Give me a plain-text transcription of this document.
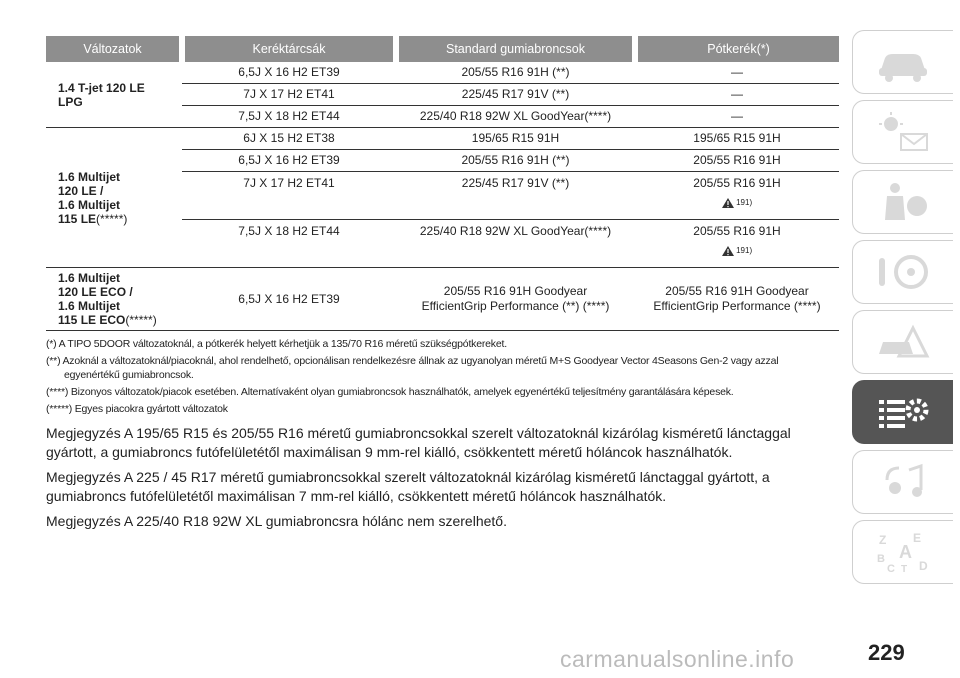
Változatok	Keréktárcsák	Standard gumiabroncsok	Pótkerék(*)
1.4 T-jet 120 LE
LPG	6,5J X 16 H2 ET39	205/55 R16 91H (**)	—
	7J X 17 H2 ET41	225/45 R17 91V (**)	—
	7,5J X 18 H2 ET44	225/40 R18 92W XL GoodYear(****)	—
1.6 Multijet
120 LE /
1.6 Multijet
115 LE(*****)	6J X 15 H2 ET38	195/65 R15 91H	195/65 R15 91H
	6,5J X 16 H2 ET39	205/55 R16 91H (**)	205/55 R16 91H
	7J X 17 H2 ET41	225/45 R17 91V (**)	205/55 R16 91H
191)

	7,5J X 18 H2 ET44	225/40 R18 92W XL GoodYear(****)	205/55 R16 91H
191)

1.6 Multijet
120 LE ECO /
1.6 Multijet
115 LE ECO(*****)	6,5J X 16 H2 ET39	205/55 R16 91H Goodyear
EfficientGrip Performance (**) (****)	205/55 R16 91H Goodyear
EfficientGrip Performance (****)

(*) A TIPO 5DOOR változatoknál, a pótkerék helyett kérhetjük a 135/70 R16 méretű szükségpótkereket.

(**) Azoknál a változatoknál/piacoknál, ahol rendelhető, opcionálisan rendelkezésre állnak az ugyanolyan méretű M+S Goodyear Vector 4Seasons Gen-2 vagy azzal
egyenértékű gumiabroncsok.

(****) Bizonyos változatok/piacok esetében. Alternatívaként olyan gumiabroncsok használhatók, amelyek egyenértékű teljesítmény garantálására képesek.

(*****) Egyes piacokra gyártott változatok

Megjegyzés A 195/65 R15 és 205/55 R16 méretű gumiabroncsokkal szerelt változatoknál kizárólag kisméretű lánctaggal gyártott, a gumiabroncs futófelületétől maximálisan 9 mm-rel kiálló, csökkentett méretű hóláncok használhatók.

Megjegyzés A 225 / 45 R17 méretű gumiabroncsokkal szerelt változatoknál kizárólag kisméretű lánctaggal gyártott, a gumiabroncs futófelületétől maximálisan 7 mm-rel kiálló, csökkentett méretű hóláncok használhatók.

Megjegyzés A 225/40 R18 92W XL gumiabroncsra hólánc nem szerelhető.

Z E
B A
C T D
carmanualsonline.info	229
